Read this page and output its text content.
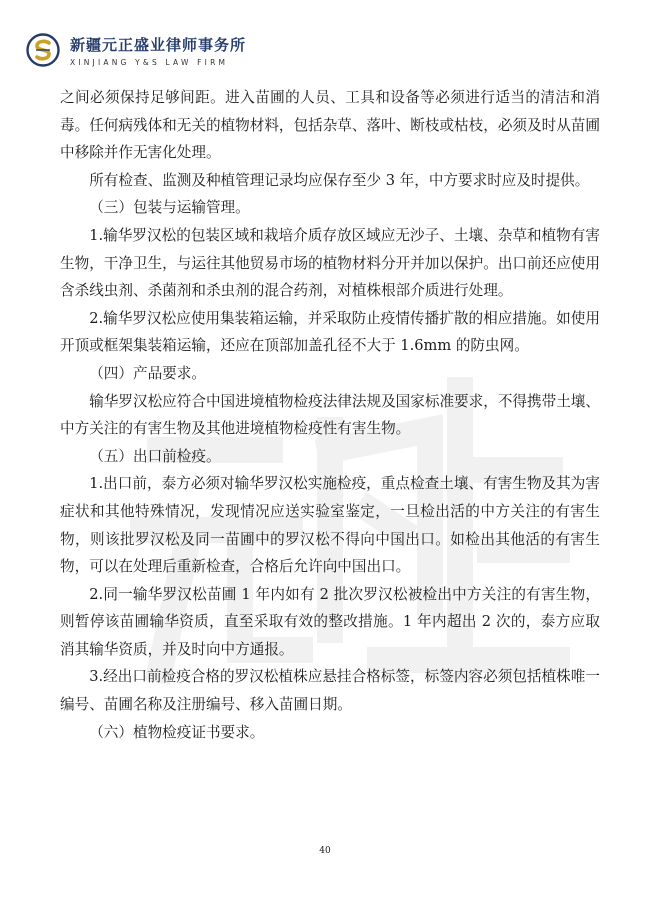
新疆元正盛业律师事务所
XINJIANG Y&S LAW FIRM

之间必须保持足够间距。进入苗圃的人员、工具和设备等必须进行适当的清洁和消毒。任何病残体和无关的植物材料，包括杂草、落叶、断枝或枯枝，必须及时从苗圃中移除并作无害化处理。

所有检查、监测及种植管理记录均应保存至少 3 年，中方要求时应及时提供。

（三）包装与运输管理。

1.输华罗汉松的包装区域和栽培介质存放区域应无沙子、土壤、杂草和植物有害生物，干净卫生，与运往其他贸易市场的植物材料分开并加以保护。出口前还应使用含杀线虫剂、杀菌剂和杀虫剂的混合药剂，对植株根部介质进行处理。

2.输华罗汉松应使用集装箱运输，并采取防止疫情传播扩散的相应措施。如使用开顶或框架集装箱运输，还应在顶部加盖孔径不大于 1.6mm 的防虫网。

（四）产品要求。

输华罗汉松应符合中国进境植物检疫法律法规及国家标准要求，不得携带土壤、中方关注的有害生物及其他进境植物检疫性有害生物。

（五）出口前检疫。

1.出口前，泰方必须对输华罗汉松实施检疫，重点检查土壤、有害生物及其为害症状和其他特殊情况，发现情况应送实验室鉴定，一旦检出活的中方关注的有害生物，则该批罗汉松及同一苗圃中的罗汉松不得向中国出口。如检出其他活的有害生物，可以在处理后重新检查，合格后允许向中国出口。

2.同一输华罗汉松苗圃 1 年内如有 2 批次罗汉松被检出中方关注的有害生物，则暂停该苗圃输华资质，直至采取有效的整改措施。1 年内超出 2 次的，泰方应取消其输华资质，并及时向中方通报。

3.经出口前检疫合格的罗汉松植株应悬挂合格标签，标签内容必须包括植株唯一编号、苗圃名称及注册编号、移入苗圃日期。

（六）植物检疫证书要求。

40
